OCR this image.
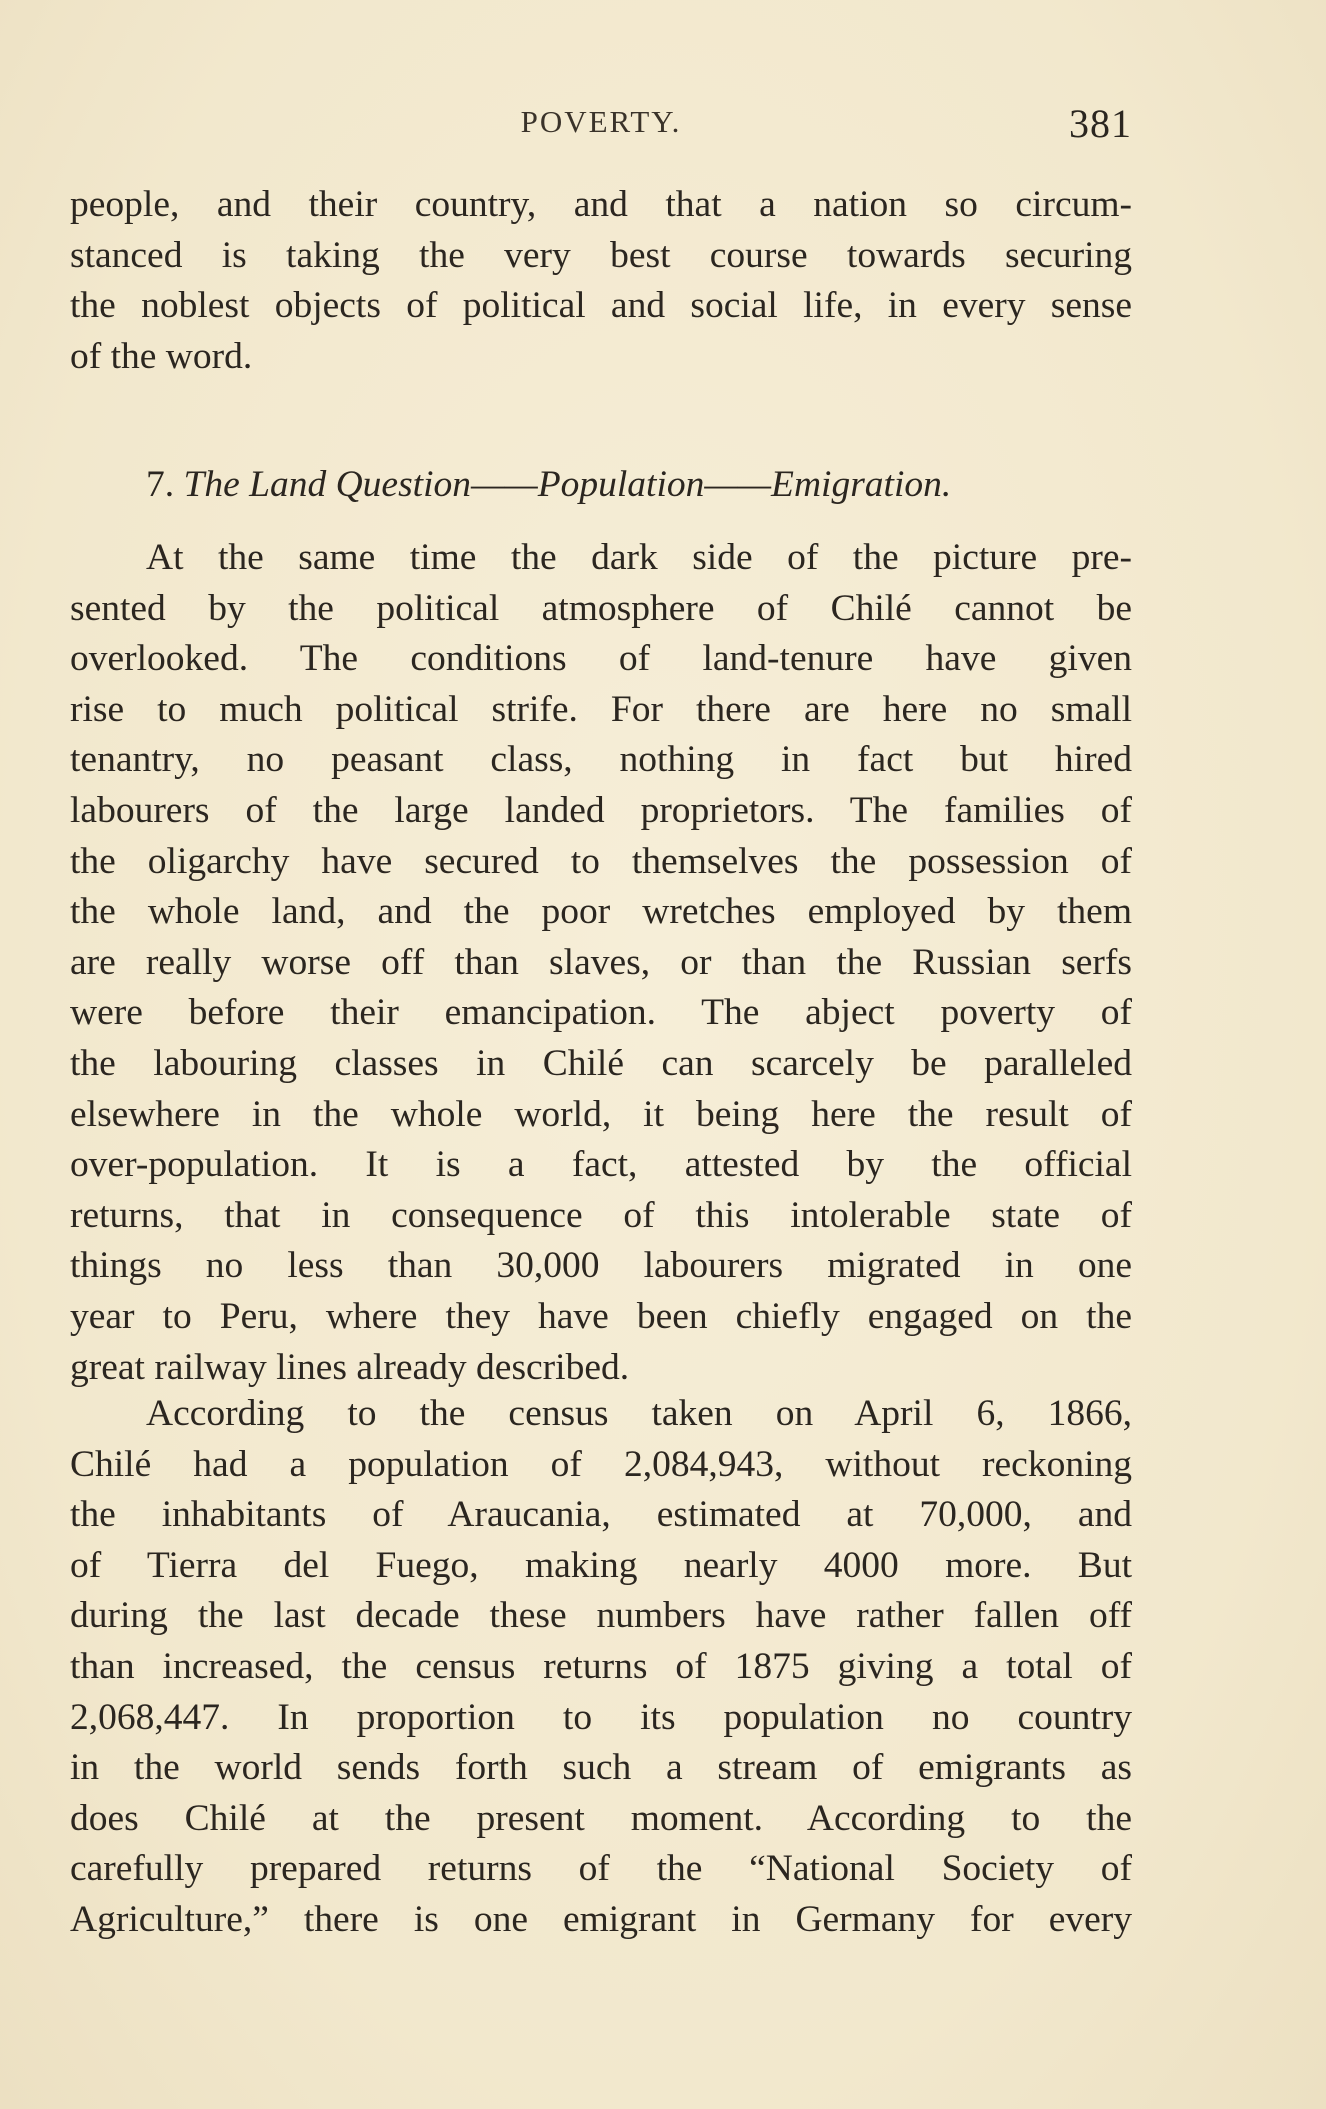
POVERTY.	381
people, and their country, and that a nation so circum-
stanced is taking the very best course towards securing
the noblest objects of political and social life, in every sense
of the word.
7. The Land Question——Population——Emigration.
At the same time the dark side of the picture pre-
sented by the political atmosphere of Chilé cannot be
overlooked. The conditions of land-tenure have given
rise to much political strife. For there are here no small
tenantry, no peasant class, nothing in fact but hired
labourers of the large landed proprietors. The families of
the oligarchy have secured to themselves the possession of
the whole land, and the poor wretches employed by them
are really worse off than slaves, or than the Russian serfs
were before their emancipation. The abject poverty of
the labouring classes in Chilé can scarcely be paralleled
elsewhere in the whole world, it being here the result of
over-population. It is a fact, attested by the official
returns, that in consequence of this intolerable state of
things no less than 30,000 labourers migrated in one
year to Peru, where they have been chiefly engaged on the
great railway lines already described.
According to the census taken on April 6, 1866,
Chilé had a population of 2,084,943, without reckoning
the inhabitants of Araucania, estimated at 70,000, and
of Tierra del Fuego, making nearly 4000 more. But
during the last decade these numbers have rather fallen off
than increased, the census returns of 1875 giving a total of
2,068,447. In proportion to its population no country
in the world sends forth such a stream of emigrants as
does Chilé at the present moment. According to the
carefully prepared returns of the “National Society of
Agriculture,” there is one emigrant in Germany for every
